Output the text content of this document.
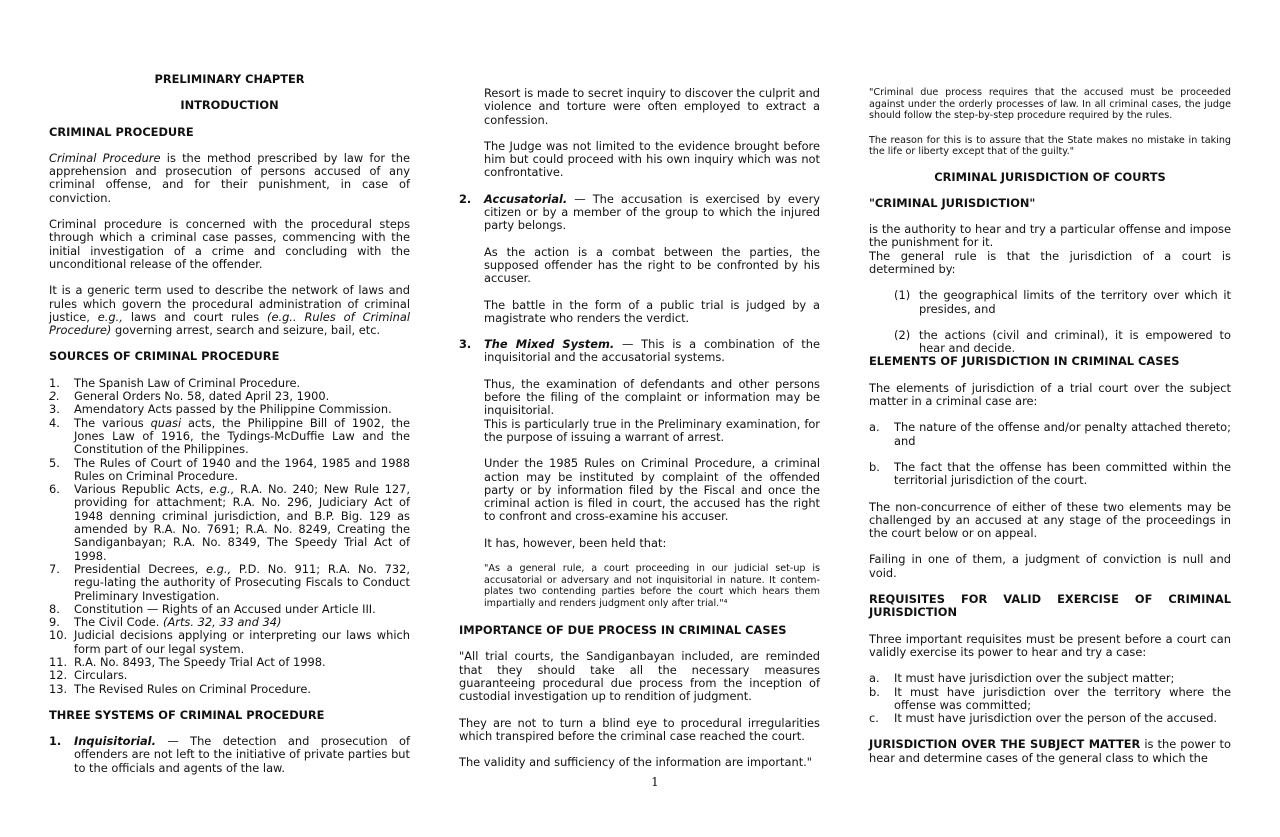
PRELIMINARY CHAPTER
INTRODUCTION
CRIMINAL PROCEDURE

Criminal Procedure is the method prescribed by law for the apprehension and prosecution of persons accused of any criminal offense, and for their punishment, in case of conviction.

Criminal procedure is concerned with the procedural steps through which a criminal case passes, commencing with the initial investigation of a crime and concluding with the unconditional release of the offender.

It is a generic term used to describe the network of laws and rules which govern the procedural administration of criminal justice, e.g., laws and court rules (e.g.. Rules of Criminal Procedure) governing arrest, search and seizure, bail, etc.

SOURCES OF CRIMINAL PROCEDURE
1. The Spanish Law of Criminal Procedure.
2. General Orders No. 58, dated April 23, 1900.
3. Amendatory Acts passed by the Philippine Commission.
4. The various quasi acts, the Philippine Bill of 1902, the Jones Law of 1916, the Tydings-McDuffie Law and the Constitution of the Philippines.
5. The Rules of Court of 1940 and the 1964, 1985 and 1988 Rules on Criminal Procedure.
6. Various Republic Acts, e.g., R.A. No. 240; New Rule 127, providing for attachment; R.A. No. 296, Judiciary Act of 1948 denning criminal jurisdiction, and B.P. Big. 129 as amended by R.A. No. 7691; R.A. No. 8249, Creating the Sandiganbayan; R.A. No. 8349, The Speedy Trial Act of 1998.
7. Presidential Decrees, e.g., P.D. No. 911; R.A. No. 732, regu-lating the authority of Prosecuting Fiscals to Conduct Preliminary Investigation.
8. Constitution — Rights of an Accused under Article III.
9. The Civil Code. (Arts. 32, 33 and 34)
10. Judicial decisions applying or interpreting our laws which form part of our legal system.
11. R.A. No. 8493, The Speedy Trial Act of 1998.
12. Circulars.
13. The Revised Rules on Criminal Procedure.
THREE SYSTEMS OF CRIMINAL PROCEDURE
1. Inquisitorial. — The detection and prosecution of offenders are not left to the initiative of private parties but to the officials and agents of the law.

Resort is made to secret inquiry to discover the culprit and violence and torture were often employed to extract a confession.

The Judge was not limited to the evidence brought before him but could proceed with his own inquiry which was not confrontative.

2. Accusatorial. — The accusation is exercised by every citizen or by a member of the group to which the injured party belongs.

As the action is a combat between the parties, the supposed offender has the right to be confronted by his accuser.

The battle in the form of a public trial is judged by a magistrate who renders the verdict.

3. The Mixed System. — This is a combination of the inquisitorial and the accusatorial systems.

Thus, the examination of defendants and other persons before the filing of the complaint or information may be inquisitorial.
This is particularly true in the Preliminary examination, for the purpose of issuing a warrant of arrest.

Under the 1985 Rules on Criminal Procedure, a criminal action may be instituted by complaint of the offended party or by information filed by the Fiscal and once the criminal action is filed in court, the accused has the right to confront and cross-examine his accuser.

It has, however, been held that:

"As a general rule, a court proceeding in our judicial set-up is accusatorial or adversary and not inquisitorial in nature. It contem-plates two contending parties before the court which hears them impartially and renders judgment only after trial."⁴
IMPORTANCE OF DUE PROCESS IN CRIMINAL CASES

"All trial courts, the Sandiganbayan included, are reminded that they should take all the necessary measures guaranteeing procedural due process from the inception of custodial investigation up to rendition of judgment.

They are not to turn a blind eye to procedural irregularities which transpired before the criminal case reached the court.

The validity and sufficiency of the information are important."

"Criminal due process requires that the accused must be proceeded against under the orderly processes of law. In all criminal cases, the judge should follow the step-by-step procedure required by the rules.
The reason for this is to assure that the State makes no mistake in taking the life or liberty except that of the guilty."
CRIMINAL JURISDICTION OF COURTS
"CRIMINAL JURISDICTION"

is the authority to hear and try a particular offense and impose the punishment for it.
The general rule is that the jurisdiction of a court is determined by:

(1) the geographical limits of the territory over which it presides, and
(2) the actions (civil and criminal), it is empowered to hear and decide.
ELEMENTS OF JURISDICTION IN CRIMINAL CASES

The elements of jurisdiction of a trial court over the subject matter in a criminal case are:

a. The nature of the offense and/or penalty attached thereto; and
b. The fact that the offense has been committed within the territorial jurisdiction of the court.

The non-concurrence of either of these two elements may be challenged by an accused at any stage of the proceedings in the court below or on appeal.

Failing in one of them, a judgment of conviction is null and void.

REQUISITES FOR VALID EXERCISE OF CRIMINAL JURISDICTION

Three important requisites must be present before a court can validly exercise its power to hear and try a case:

a. It must have jurisdiction over the subject matter;
b. It must have jurisdiction over the territory where the offense was committed;
c. It must have jurisdiction over the person of the accused.

JURISDICTION OVER THE SUBJECT MATTER is the power to hear and determine cases of the general class to which the

1
